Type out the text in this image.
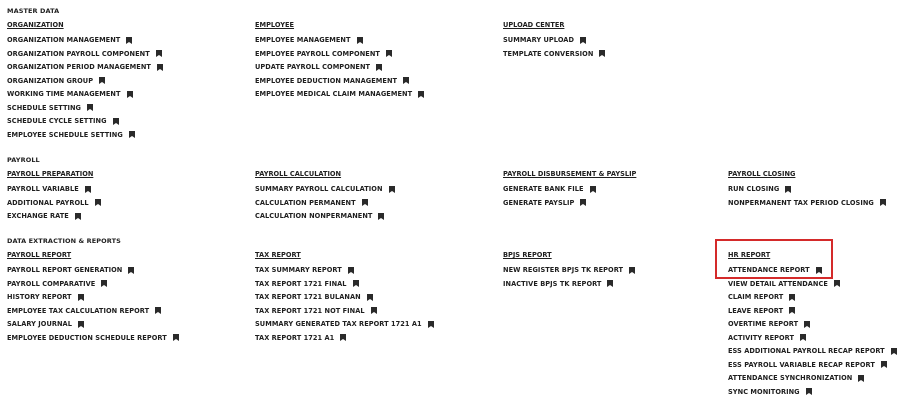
MASTER DATA
ORGANIZATION
ORGANIZATION MANAGEMENT
ORGANIZATION PAYROLL COMPONENT
ORGANIZATION PERIOD MANAGEMENT
ORGANIZATION GROUP
WORKING TIME MANAGEMENT
SCHEDULE SETTING
SCHEDULE CYCLE SETTING
EMPLOYEE SCHEDULE SETTING
EMPLOYEE
EMPLOYEE MANAGEMENT
EMPLOYEE PAYROLL COMPONENT
UPDATE PAYROLL COMPONENT
EMPLOYEE DEDUCTION MANAGEMENT
EMPLOYEE MEDICAL CLAIM MANAGEMENT
UPLOAD CENTER
SUMMARY UPLOAD
TEMPLATE CONVERSION
PAYROLL
PAYROLL PREPARATION
PAYROLL VARIABLE
ADDITIONAL PAYROLL
EXCHANGE RATE
PAYROLL CALCULATION
SUMMARY PAYROLL CALCULATION
CALCULATION PERMANENT
CALCULATION NONPERMANENT
PAYROLL DISBURSEMENT & PAYSLIP
GENERATE BANK FILE
GENERATE PAYSLIP
PAYROLL CLOSING
RUN CLOSING
NONPERMANENT TAX PERIOD CLOSING
DATA EXTRACTION & REPORTS
PAYROLL REPORT
PAYROLL REPORT GENERATION
PAYROLL COMPARATIVE
HISTORY REPORT
EMPLOYEE TAX CALCULATION REPORT
SALARY JOURNAL
EMPLOYEE DEDUCTION SCHEDULE REPORT
TAX REPORT
TAX SUMMARY REPORT
TAX REPORT 1721 FINAL
TAX REPORT 1721 BULANAN
TAX REPORT 1721 NOT FINAL
SUMMARY GENERATED TAX REPORT 1721 A1
TAX REPORT 1721 A1
BPJS REPORT
NEW REGISTER BPJS TK REPORT
INACTIVE BPJS TK REPORT
HR REPORT
ATTENDANCE REPORT
VIEW DETAIL ATTENDANCE
CLAIM REPORT
LEAVE REPORT
OVERTIME REPORT
ACTIVITY REPORT
ESS ADDITIONAL PAYROLL RECAP REPORT
ESS PAYROLL VARIABLE RECAP REPORT
ATTENDANCE SYNCHRONIZATION
SYNC MONITORING
